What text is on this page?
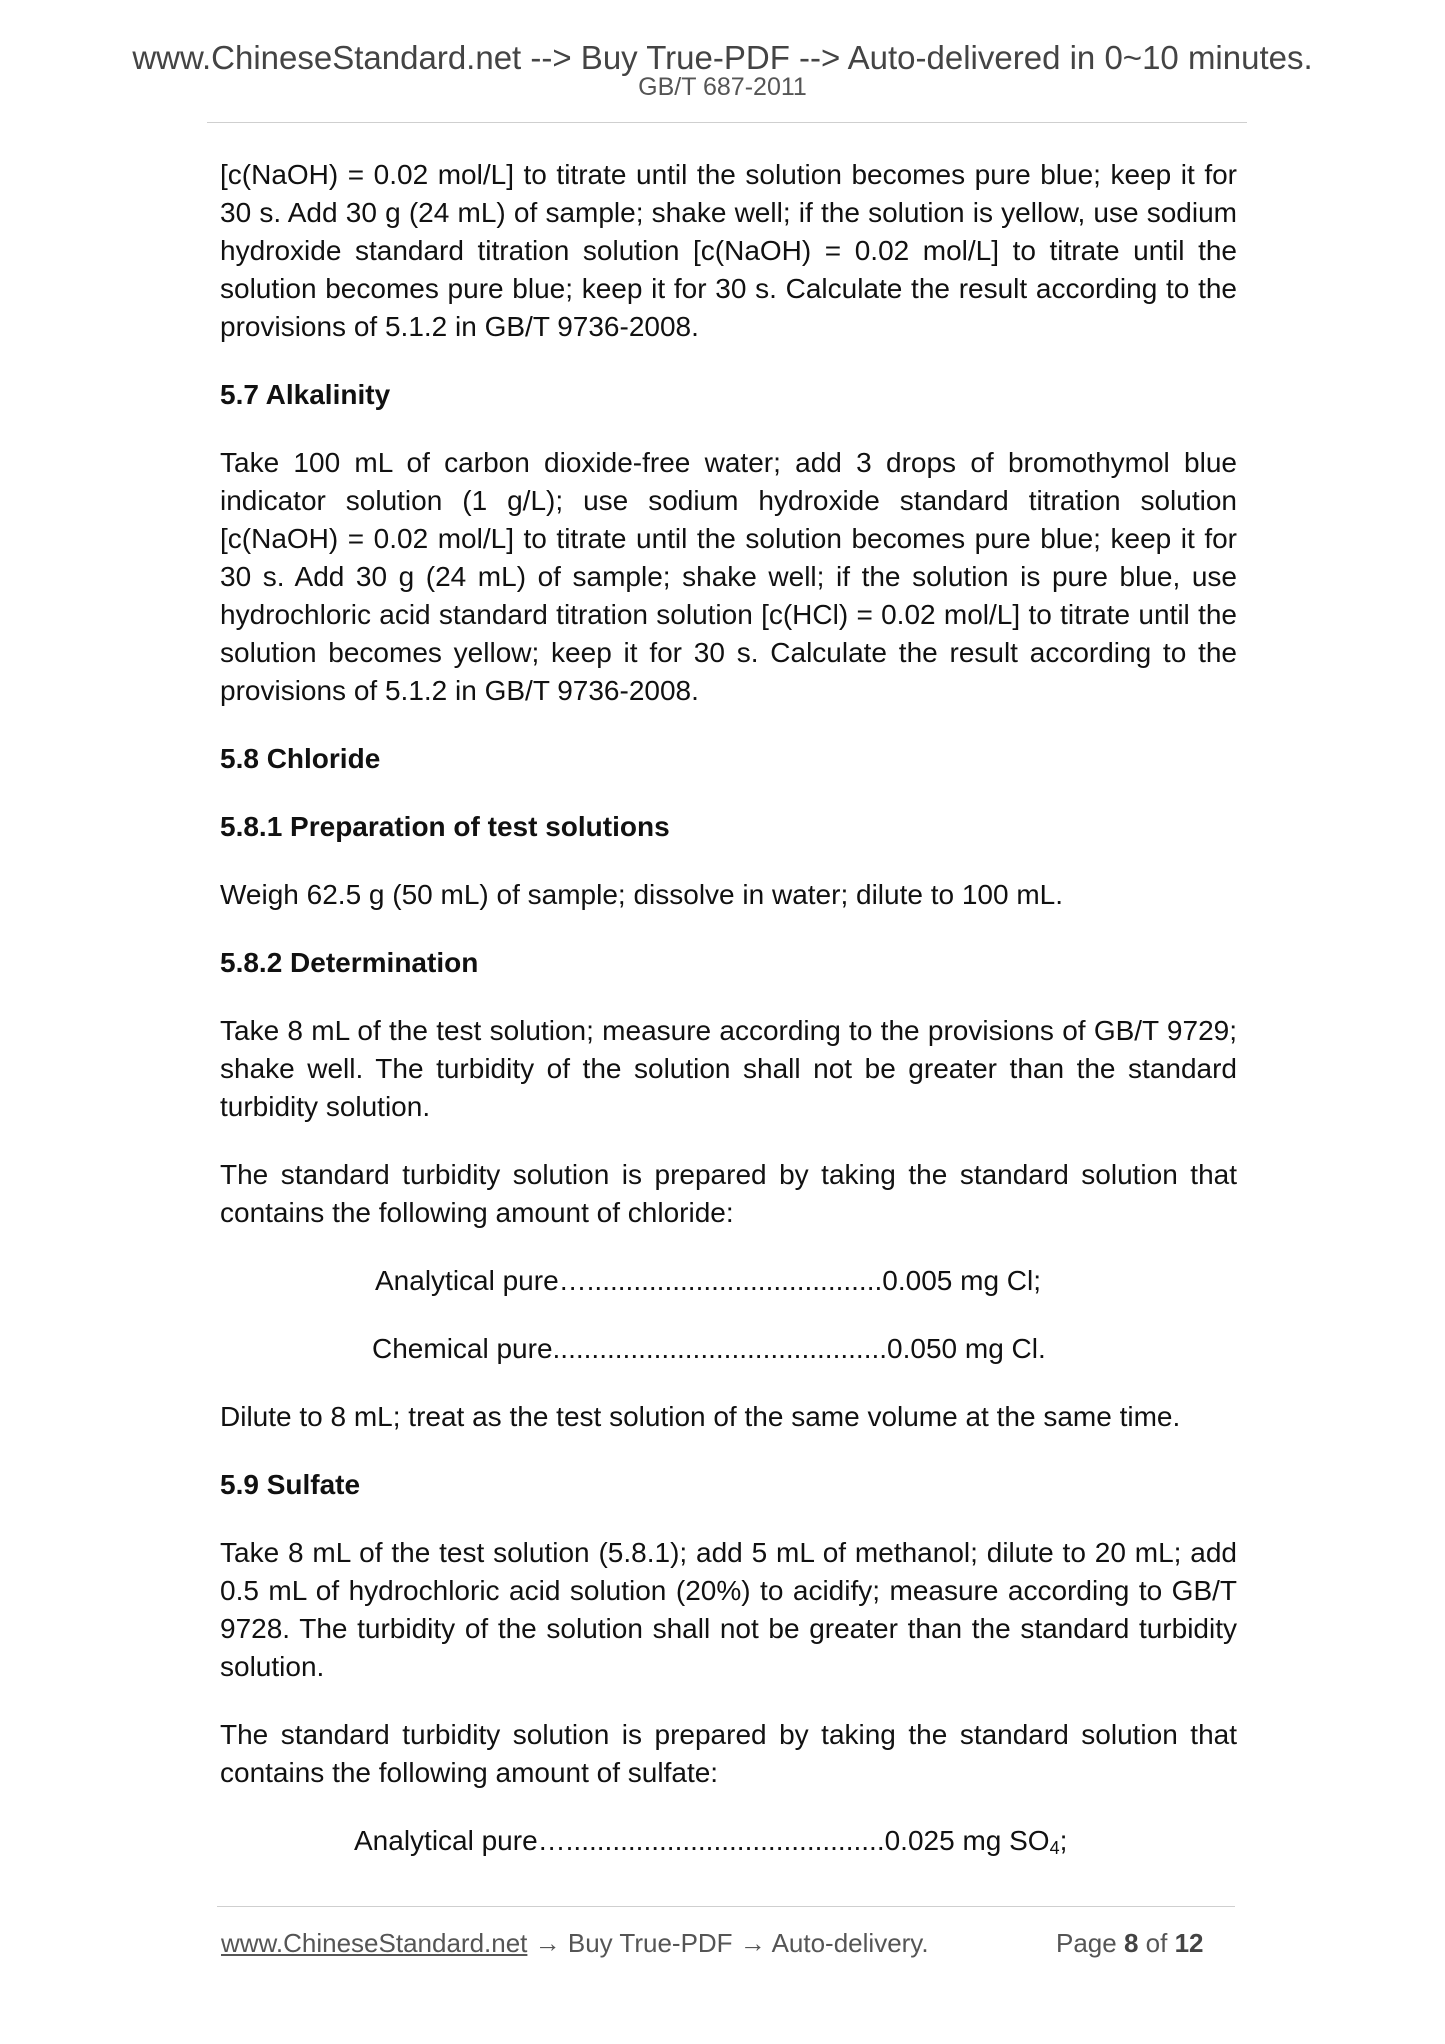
www.ChineseStandard.net --> Buy True-PDF --> Auto-delivered in 0~10 minutes.
GB/T 687-2011

[c(NaOH) = 0.02 mol/L] to titrate until the solution becomes pure blue; keep it for 30 s. Add 30 g (24 mL) of sample; shake well; if the solution is yellow, use sodium hydroxide standard titration solution [c(NaOH) = 0.02 mol/L] to titrate until the solution becomes pure blue; keep it for 30 s. Calculate the result according to the provisions of 5.1.2 in GB/T 9736-2008.

5.7 Alkalinity

Take 100 mL of carbon dioxide-free water; add 3 drops of bromothymol blue indicator solution (1 g/L); use sodium hydroxide standard titration solution [c(NaOH) = 0.02 mol/L] to titrate until the solution becomes pure blue; keep it for 30 s. Add 30 g (24 mL) of sample; shake well; if the solution is pure blue, use hydrochloric acid standard titration solution [c(HCl) = 0.02 mol/L] to titrate until the solution becomes yellow; keep it for 30 s. Calculate the result according to the provisions of 5.1.2 in GB/T 9736-2008.

5.8 Chloride

5.8.1 Preparation of test solutions

Weigh 62.5 g (50 mL) of sample; dissolve in water; dilute to 100 mL.

5.8.2 Determination

Take 8 mL of the test solution; measure according to the provisions of GB/T 9729; shake well. The turbidity of the solution shall not be greater than the standard turbidity solution.

The standard turbidity solution is prepared by taking the standard solution that contains the following amount of chloride:

Analytical pure…......................................0.005 mg Cl;

Chemical pure...........................................0.050 mg Cl.

Dilute to 8 mL; treat as the test solution of the same volume at the same time.

5.9 Sulfate

Take 8 mL of the test solution (5.8.1); add 5 mL of methanol; dilute to 20 mL; add 0.5 mL of hydrochloric acid solution (20%) to acidify; measure according to GB/T 9728. The turbidity of the solution shall not be greater than the standard turbidity solution.

The standard turbidity solution is prepared by taking the standard solution that contains the following amount of sulfate:

Analytical pure….........................................0.025 mg $SO_4$;

www.ChineseStandard.net → Buy True-PDF → Auto-delivery.	Page 8 of 12
